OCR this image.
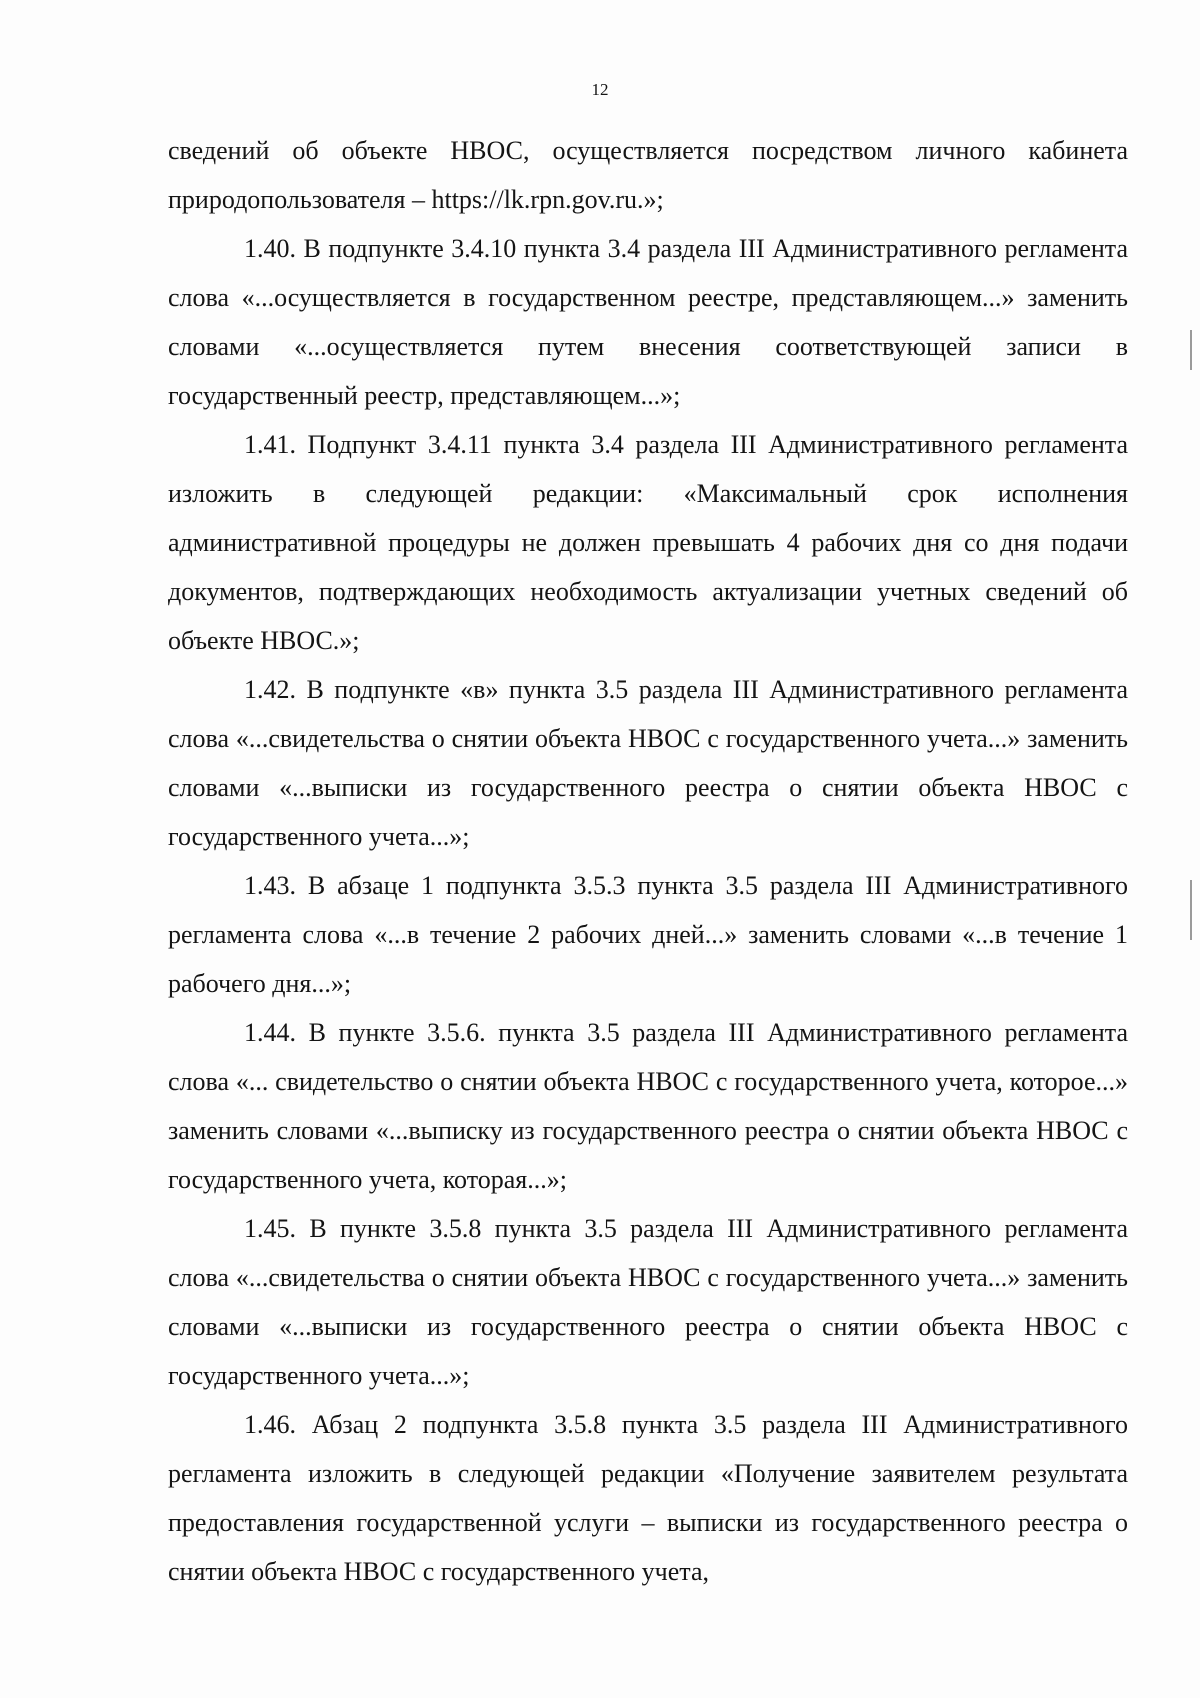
12

сведений об объекте НВОС, осуществляется посредством личного кабинета природопользователя – https://lk.rpn.gov.ru.»;

1.40. В подпункте 3.4.10 пункта 3.4 раздела III Административного регламента слова «...осуществляется в государственном реестре, представляющем...» заменить словами «...осуществляется путем внесения соответствующей записи в государственный реестр, представляющем...»;

1.41. Подпункт 3.4.11 пункта 3.4 раздела III Административного регламента изложить в следующей редакции: «Максимальный срок исполнения административной процедуры не должен превышать 4 рабочих дня со дня подачи документов, подтверждающих необходимость актуализации учетных сведений об объекте НВОС.»;

1.42. В подпункте «в» пункта 3.5 раздела III Административного регламента слова «...свидетельства о снятии объекта НВОС с государственного учета...» заменить словами «...выписки из государственного реестра о снятии объекта НВОС с государственного учета...»;

1.43. В абзаце 1 подпункта 3.5.3 пункта 3.5 раздела III Административного регламента слова «...в течение 2 рабочих дней...» заменить словами «...в течение 1 рабочего дня...»;

1.44. В пункте 3.5.6. пункта 3.5 раздела III Административного регламента слова «... свидетельство о снятии объекта НВОС с государственного учета, которое...» заменить словами «...выписку из государственного реестра о снятии объекта НВОС с государственного учета, которая...»;

1.45. В пункте 3.5.8 пункта 3.5 раздела III Административного регламента слова «...свидетельства о снятии объекта НВОС с государственного учета...» заменить словами «...выписки из государственного реестра о снятии объекта НВОС с государственного учета...»;

1.46. Абзац 2 подпункта 3.5.8 пункта 3.5 раздела III Административного регламента изложить в следующей редакции «Получение заявителем результата предоставления государственной услуги – выписки из государственного реестра о снятии объекта НВОС с государственного учета,
